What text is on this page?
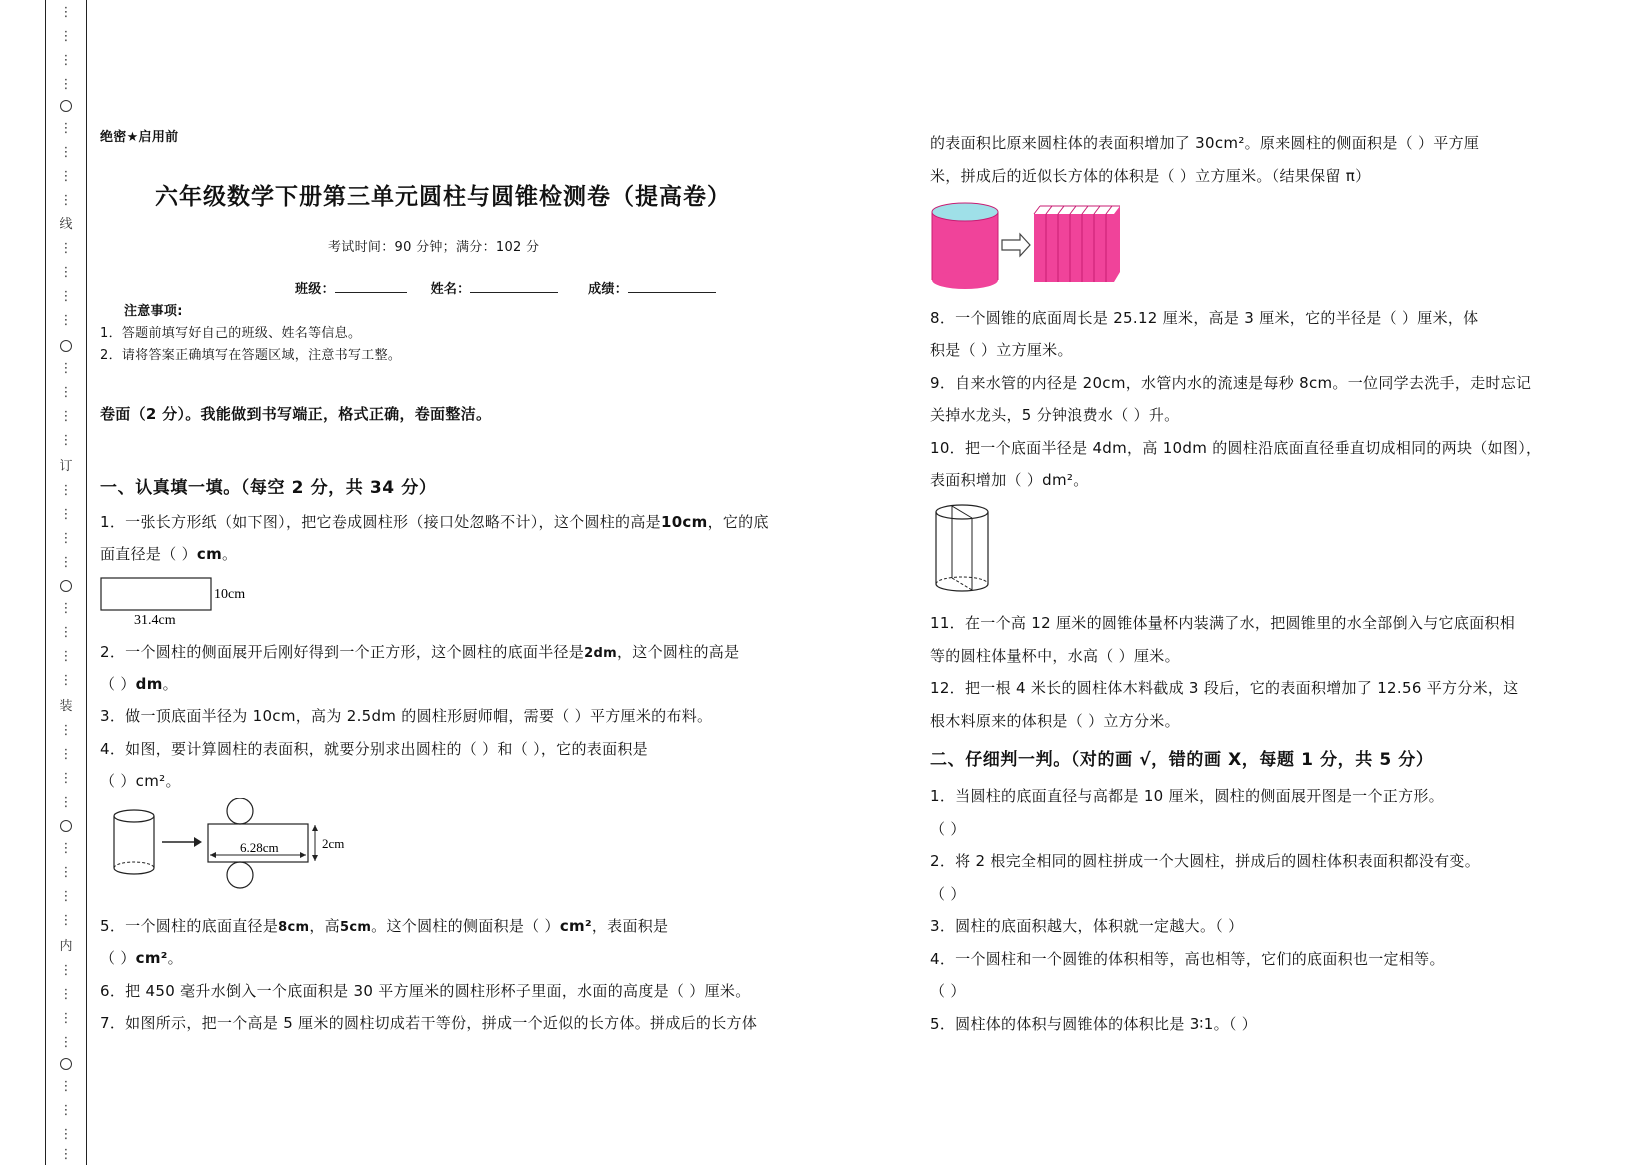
⋮
⋮
⋮
⋮
⋮
⋮
⋮
⋮
线
⋮
⋮
⋮
⋮
⋮
⋮
⋮
⋮
订
⋮
⋮
⋮
⋮
⋮
⋮
⋮
⋮
装
⋮
⋮
⋮
⋮
⋮
⋮
⋮
⋮
内
⋮
⋮
⋮
⋮
⋮
⋮
⋮
⋮
绝密★启用前
六年级数学下册第三单元圆柱与圆锥检测卷（提高卷）
考试时间：90 分钟；满分：102 分
班级：	姓名：	成绩：
注意事项:
1．答题前填写好自己的班级、姓名等信息。
2．请将答案正确填写在答题区域，注意书写工整。
卷面（2 分）。我能做到书写端正，格式正确，卷面整洁。
一、认真填一填。（每空 2 分，共 34 分）
1．一张长方形纸（如下图），把它卷成圆柱形（接口处忽略不计），这个圆柱的高是10cm，它的底
面直径是（ ）cm。
10cm
31.4cm
2．一个圆柱的侧面展开后刚好得到一个正方形，这个圆柱的底面半径是2dm，这个圆柱的高是
（ ）dm。
3．做一顶底面半径为 10cm，高为 2.5dm 的圆柱形厨师帽，需要（ ）平方厘米的布料。
4．如图，要计算圆柱的表面积，就要分别求出圆柱的（ ）和（ ），它的表面积是
（ ）cm²。
6.28cm	2cm
5．一个圆柱的底面直径是8cm，高5cm。这个圆柱的侧面积是（ ）cm²，表面积是
（ ）cm²。
6．把 450 毫升水倒入一个底面积是 30 平方厘米的圆柱形杯子里面，水面的高度是（ ）厘米。
7．如图所示，把一个高是 5 厘米的圆柱切成若干等份，拼成一个近似的长方体。拼成后的长方体
的表面积比原来圆柱体的表面积增加了 30cm²。原来圆柱的侧面积是（ ）平方厘
米，拼成后的近似长方体的体积是（ ）立方厘米。（结果保留 π）
8．一个圆锥的底面周长是 25.12 厘米，高是 3 厘米，它的半径是（ ）厘米，体
积是（ ）立方厘米。
9．自来水管的内径是 20cm，水管内水的流速是每秒 8cm。一位同学去洗手，走时忘记
关掉水龙头，5 分钟浪费水（ ）升。
10．把一个底面半径是 4dm，高 10dm 的圆柱沿底面直径垂直切成相同的两块（如图），
表面积增加（ ）dm²。
11．在一个高 12 厘米的圆锥体量杯内装满了水，把圆锥里的水全部倒入与它底面积相
等的圆柱体量杯中，水高（ ）厘米。
12．把一根 4 米长的圆柱体木料截成 3 段后，它的表面积增加了 12.56 平方分米，这
根木料原来的体积是（ ）立方分米。
二、仔细判一判。（对的画 √，错的画 X，每题 1 分，共 5 分）
1．当圆柱的底面直径与高都是 10 厘米，圆柱的侧面展开图是一个正方形。
（ ）
2．将 2 根完全相同的圆柱拼成一个大圆柱，拼成后的圆柱体积表面积都没有变。
（ ）
3．圆柱的底面积越大，体积就一定越大。（ ）
4．一个圆柱和一个圆锥的体积相等，高也相等，它们的底面积也一定相等。
（ ）
5．圆柱体的体积与圆锥体的体积比是 3∶1。（ ）
